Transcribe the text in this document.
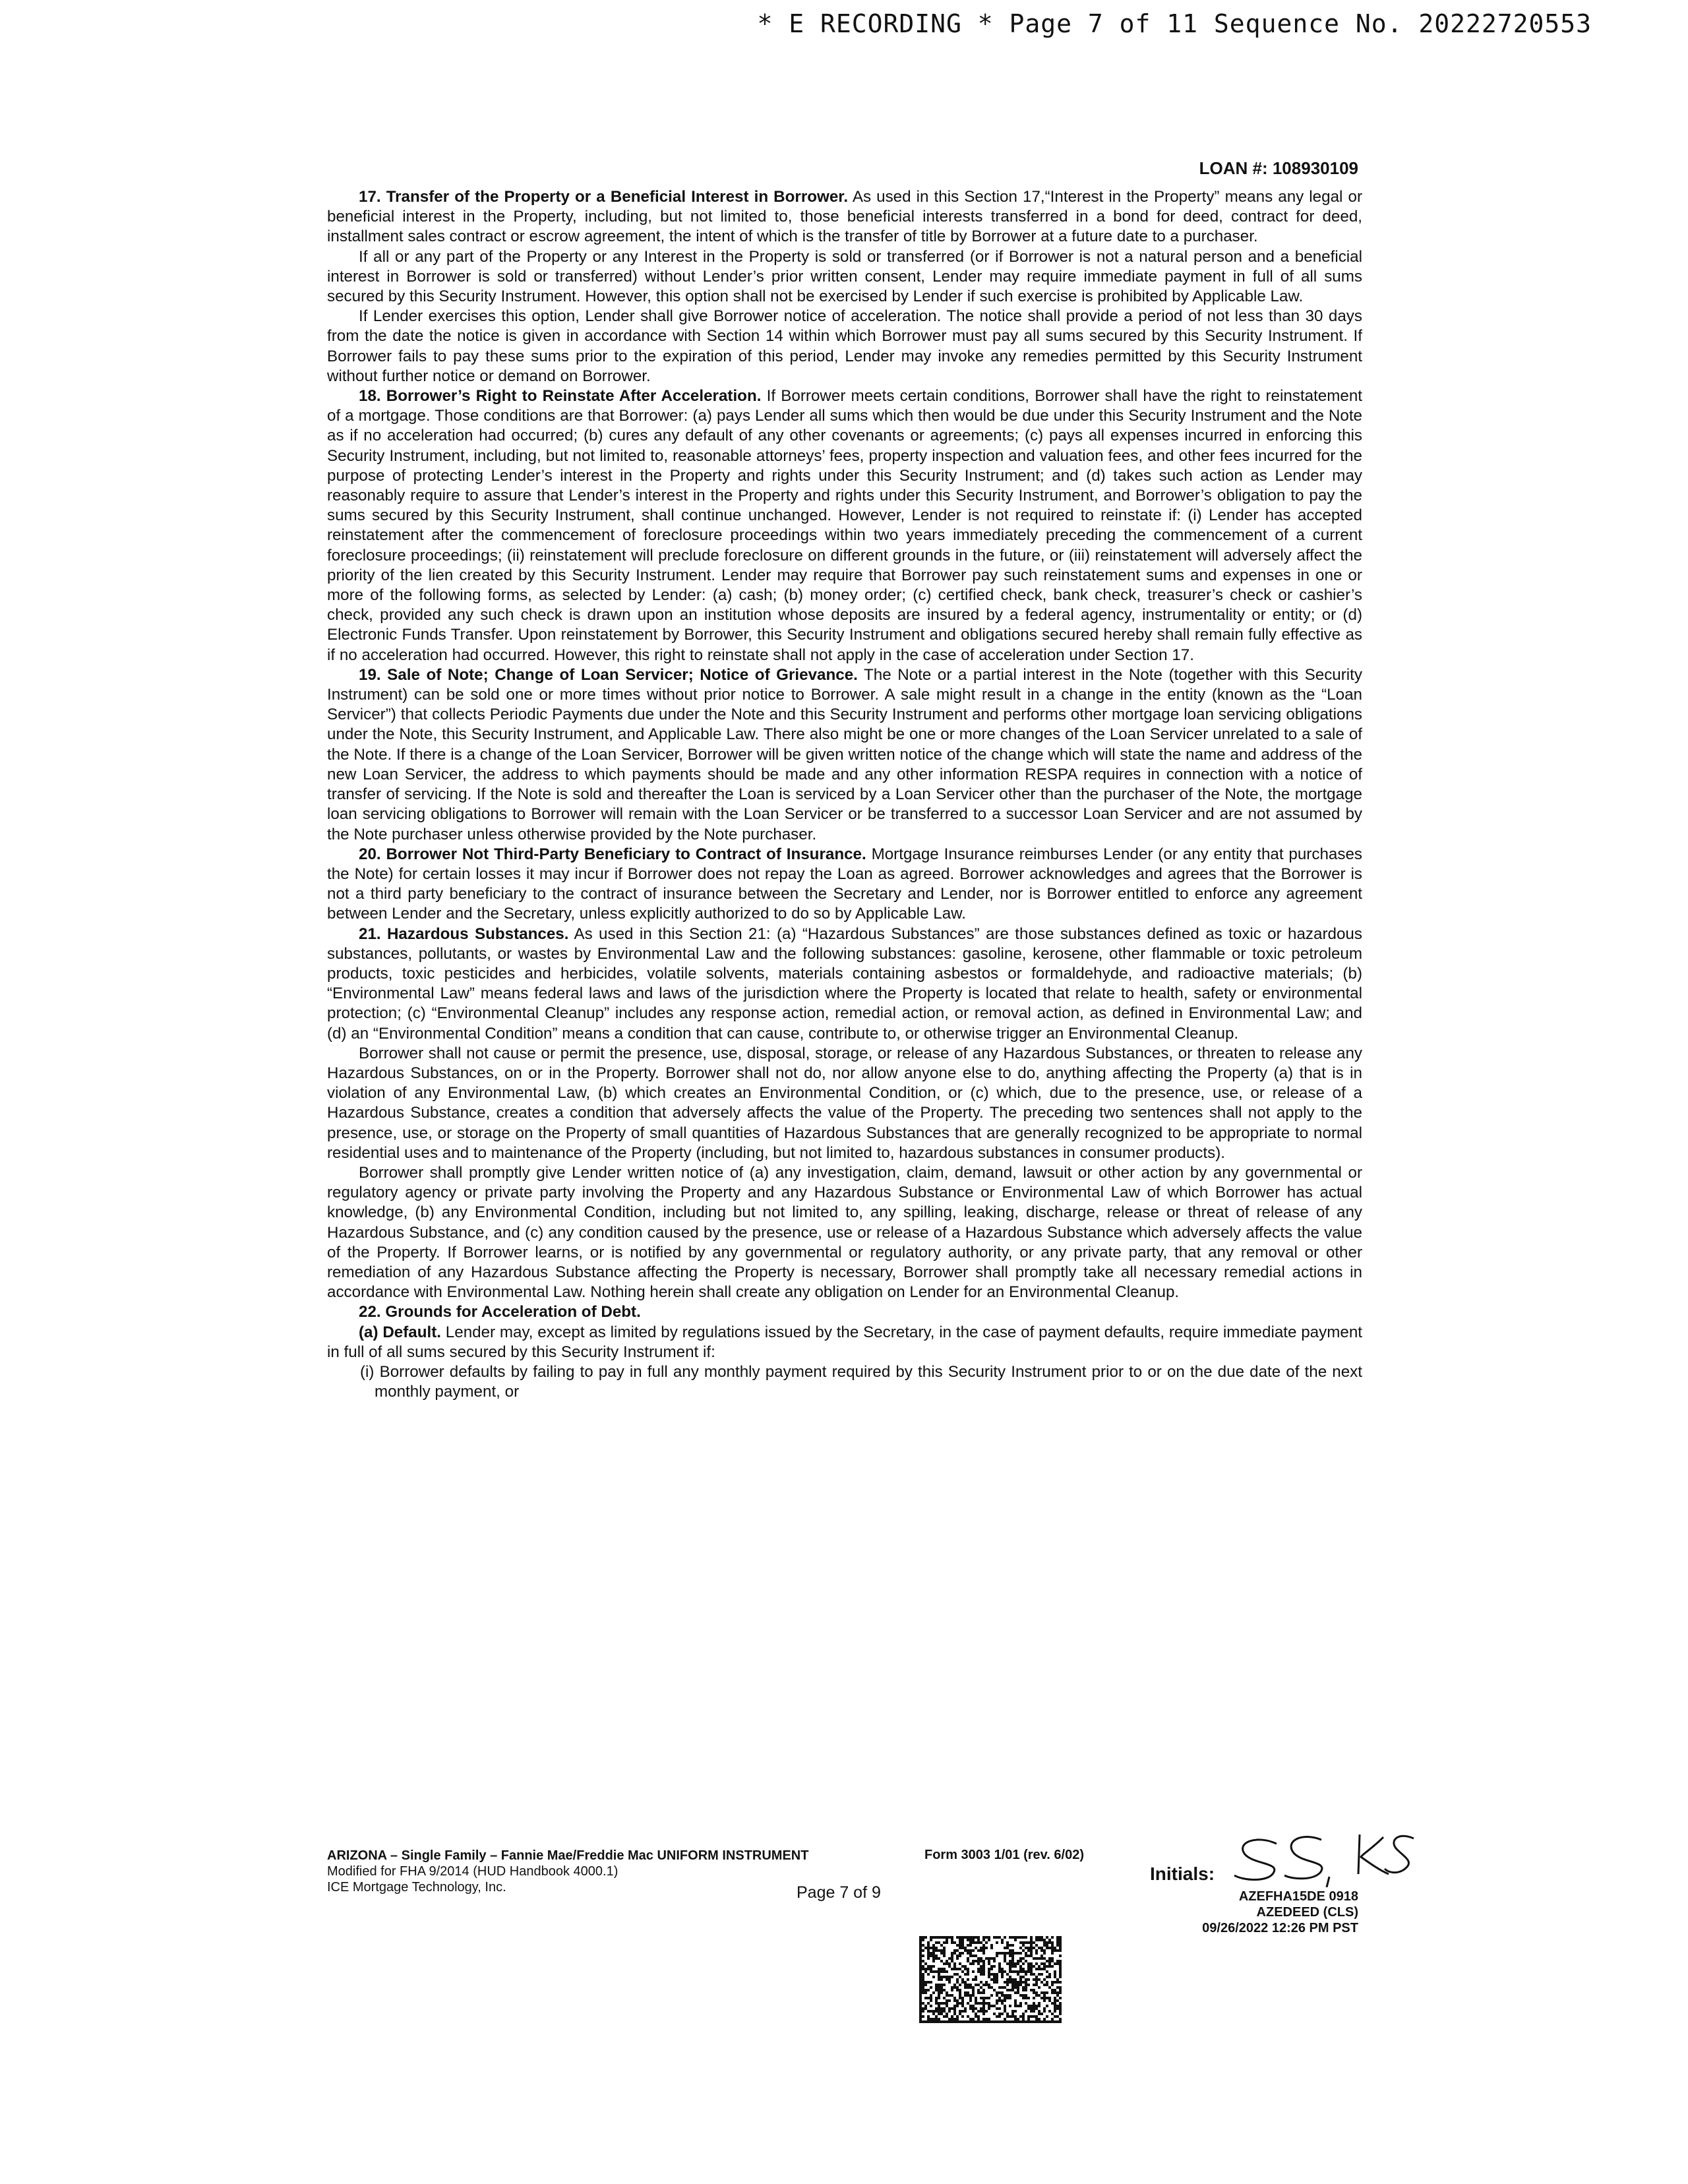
* E RECORDING * Page 7 of 11 Sequence No. 20222720553
LOAN #: 108930109

17. Transfer of the Property or a Beneficial Interest in Borrower. As used in this Section 17,“Interest in the Property” means any legal or beneficial interest in the Property, including, but not limited to, those beneficial interests transferred in a bond for deed, contract for deed, installment sales contract or escrow agreement, the intent of which is the transfer of title by Borrower at a future date to a purchaser.

If all or any part of the Property or any Interest in the Property is sold or transferred (or if Borrower is not a natural person and a beneficial interest in Borrower is sold or transferred) without Lender’s prior written consent, Lender may require immediate payment in full of all sums secured by this Security Instrument. However, this option shall not be exercised by Lender if such exercise is prohibited by Applicable Law.

If Lender exercises this option, Lender shall give Borrower notice of acceleration. The notice shall provide a period of not less than 30 days from the date the notice is given in accordance with Section 14 within which Borrower must pay all sums secured by this Security Instrument. If Borrower fails to pay these sums prior to the expiration of this period, Lender may invoke any remedies permitted by this Security Instrument without further notice or demand on Borrower.

18. Borrower’s Right to Reinstate After Acceleration. If Borrower meets certain conditions, Borrower shall have the right to reinstatement of a mortgage. Those conditions are that Borrower: (a) pays Lender all sums which then would be due under this Security Instrument and the Note as if no acceleration had occurred; (b) cures any default of any other covenants or agreements; (c) pays all expenses incurred in enforcing this Security Instrument, including, but not limited to, reasonable attorneys’ fees, property inspection and valuation fees, and other fees incurred for the purpose of protecting Lender’s interest in the Property and rights under this Security Instrument; and (d) takes such action as Lender may reasonably require to assure that Lender’s interest in the Property and rights under this Security Instrument, and Borrower’s obligation to pay the sums secured by this Security Instrument, shall continue unchanged. However, Lender is not required to reinstate if: (i) Lender has accepted reinstatement after the commencement of foreclosure proceedings within two years immediately preceding the commencement of a current foreclosure proceedings; (ii) reinstatement will preclude foreclosure on different grounds in the future, or (iii) reinstatement will adversely affect the priority of the lien created by this Security Instrument. Lender may require that Borrower pay such reinstatement sums and expenses in one or more of the following forms, as selected by Lender: (a) cash; (b) money order; (c) certified check, bank check, treasurer’s check or cashier’s check, provided any such check is drawn upon an institution whose deposits are insured by a federal agency, instrumentality or entity; or (d) Electronic Funds Transfer. Upon reinstatement by Borrower, this Security Instrument and obligations secured hereby shall remain fully effective as if no acceleration had occurred. However, this right to reinstate shall not apply in the case of acceleration under Section 17.

19. Sale of Note; Change of Loan Servicer; Notice of Grievance. The Note or a partial interest in the Note (together with this Security Instrument) can be sold one or more times without prior notice to Borrower. A sale might result in a change in the entity (known as the “Loan Servicer”) that collects Periodic Payments due under the Note and this Security Instrument and performs other mortgage loan servicing obligations under the Note, this Security Instrument, and Applicable Law. There also might be one or more changes of the Loan Servicer unrelated to a sale of the Note. If there is a change of the Loan Servicer, Borrower will be given written notice of the change which will state the name and address of the new Loan Servicer, the address to which payments should be made and any other information RESPA requires in connection with a notice of transfer of servicing. If the Note is sold and thereafter the Loan is serviced by a Loan Servicer other than the purchaser of the Note, the mortgage loan servicing obligations to Borrower will remain with the Loan Servicer or be transferred to a successor Loan Servicer and are not assumed by the Note purchaser unless otherwise provided by the Note purchaser.

20. Borrower Not Third-Party Beneficiary to Contract of Insurance. Mortgage Insurance reimburses Lender (or any entity that purchases the Note) for certain losses it may incur if Borrower does not repay the Loan as agreed. Borrower acknowledges and agrees that the Borrower is not a third party beneficiary to the contract of insurance between the Secretary and Lender, nor is Borrower entitled to enforce any agreement between Lender and the Secretary, unless explicitly authorized to do so by Applicable Law.

21. Hazardous Substances. As used in this Section 21: (a) “Hazardous Substances” are those substances defined as toxic or hazardous substances, pollutants, or wastes by Environmental Law and the following substances: gasoline, kerosene, other flammable or toxic petroleum products, toxic pesticides and herbicides, volatile solvents, materials containing asbestos or formaldehyde, and radioactive materials; (b) “Environmental Law” means federal laws and laws of the jurisdiction where the Property is located that relate to health, safety or environmental protection; (c) “Environmental Cleanup” includes any response action, remedial action, or removal action, as defined in Environmental Law; and (d) an “Environmental Condition” means a condition that can cause, contribute to, or otherwise trigger an Environmental Cleanup.

Borrower shall not cause or permit the presence, use, disposal, storage, or release of any Hazardous Substances, or threaten to release any Hazardous Substances, on or in the Property. Borrower shall not do, nor allow anyone else to do, anything affecting the Property (a) that is in violation of any Environmental Law, (b) which creates an Environmental Condition, or (c) which, due to the presence, use, or release of a Hazardous Substance, creates a condition that adversely affects the value of the Property. The preceding two sentences shall not apply to the presence, use, or storage on the Property of small quantities of Hazardous Substances that are generally recognized to be appropriate to normal residential uses and to maintenance of the Property (including, but not limited to, hazardous substances in consumer products).

Borrower shall promptly give Lender written notice of (a) any investigation, claim, demand, lawsuit or other action by any governmental or regulatory agency or private party involving the Property and any Hazardous Substance or Environmental Law of which Borrower has actual knowledge, (b) any Environmental Condition, including but not limited to, any spilling, leaking, discharge, release or threat of release of any Hazardous Substance, and (c) any condition caused by the presence, use or release of a Hazardous Substance which adversely affects the value of the Property. If Borrower learns, or is notified by any governmental or regulatory authority, or any private party, that any removal or other remediation of any Hazardous Substance affecting the Property is necessary, Borrower shall promptly take all necessary remedial actions in accordance with Environmental Law. Nothing herein shall create any obligation on Lender for an Environmental Cleanup.

22. Grounds for Acceleration of Debt.

(a) Default. Lender may, except as limited by regulations issued by the Secretary, in the case of payment defaults, require immediate payment in full of all sums secured by this Security Instrument if:

(i) Borrower defaults by failing to pay in full any monthly payment required by this Security Instrument prior to or on the due date of the next monthly payment, or

ARIZONA – Single Family – Fannie Mae/Freddie Mac UNIFORM INSTRUMENT
Modified for FHA 9/2014 (HUD Handbook 4000.1)
ICE Mortgage Technology, Inc.
Form 3003 1/01 (rev. 6/02)
Page 7 of 9
Initials:
AZEFHA15DE 0918
AZEDEED (CLS)
09/26/2022 12:26 PM PST
